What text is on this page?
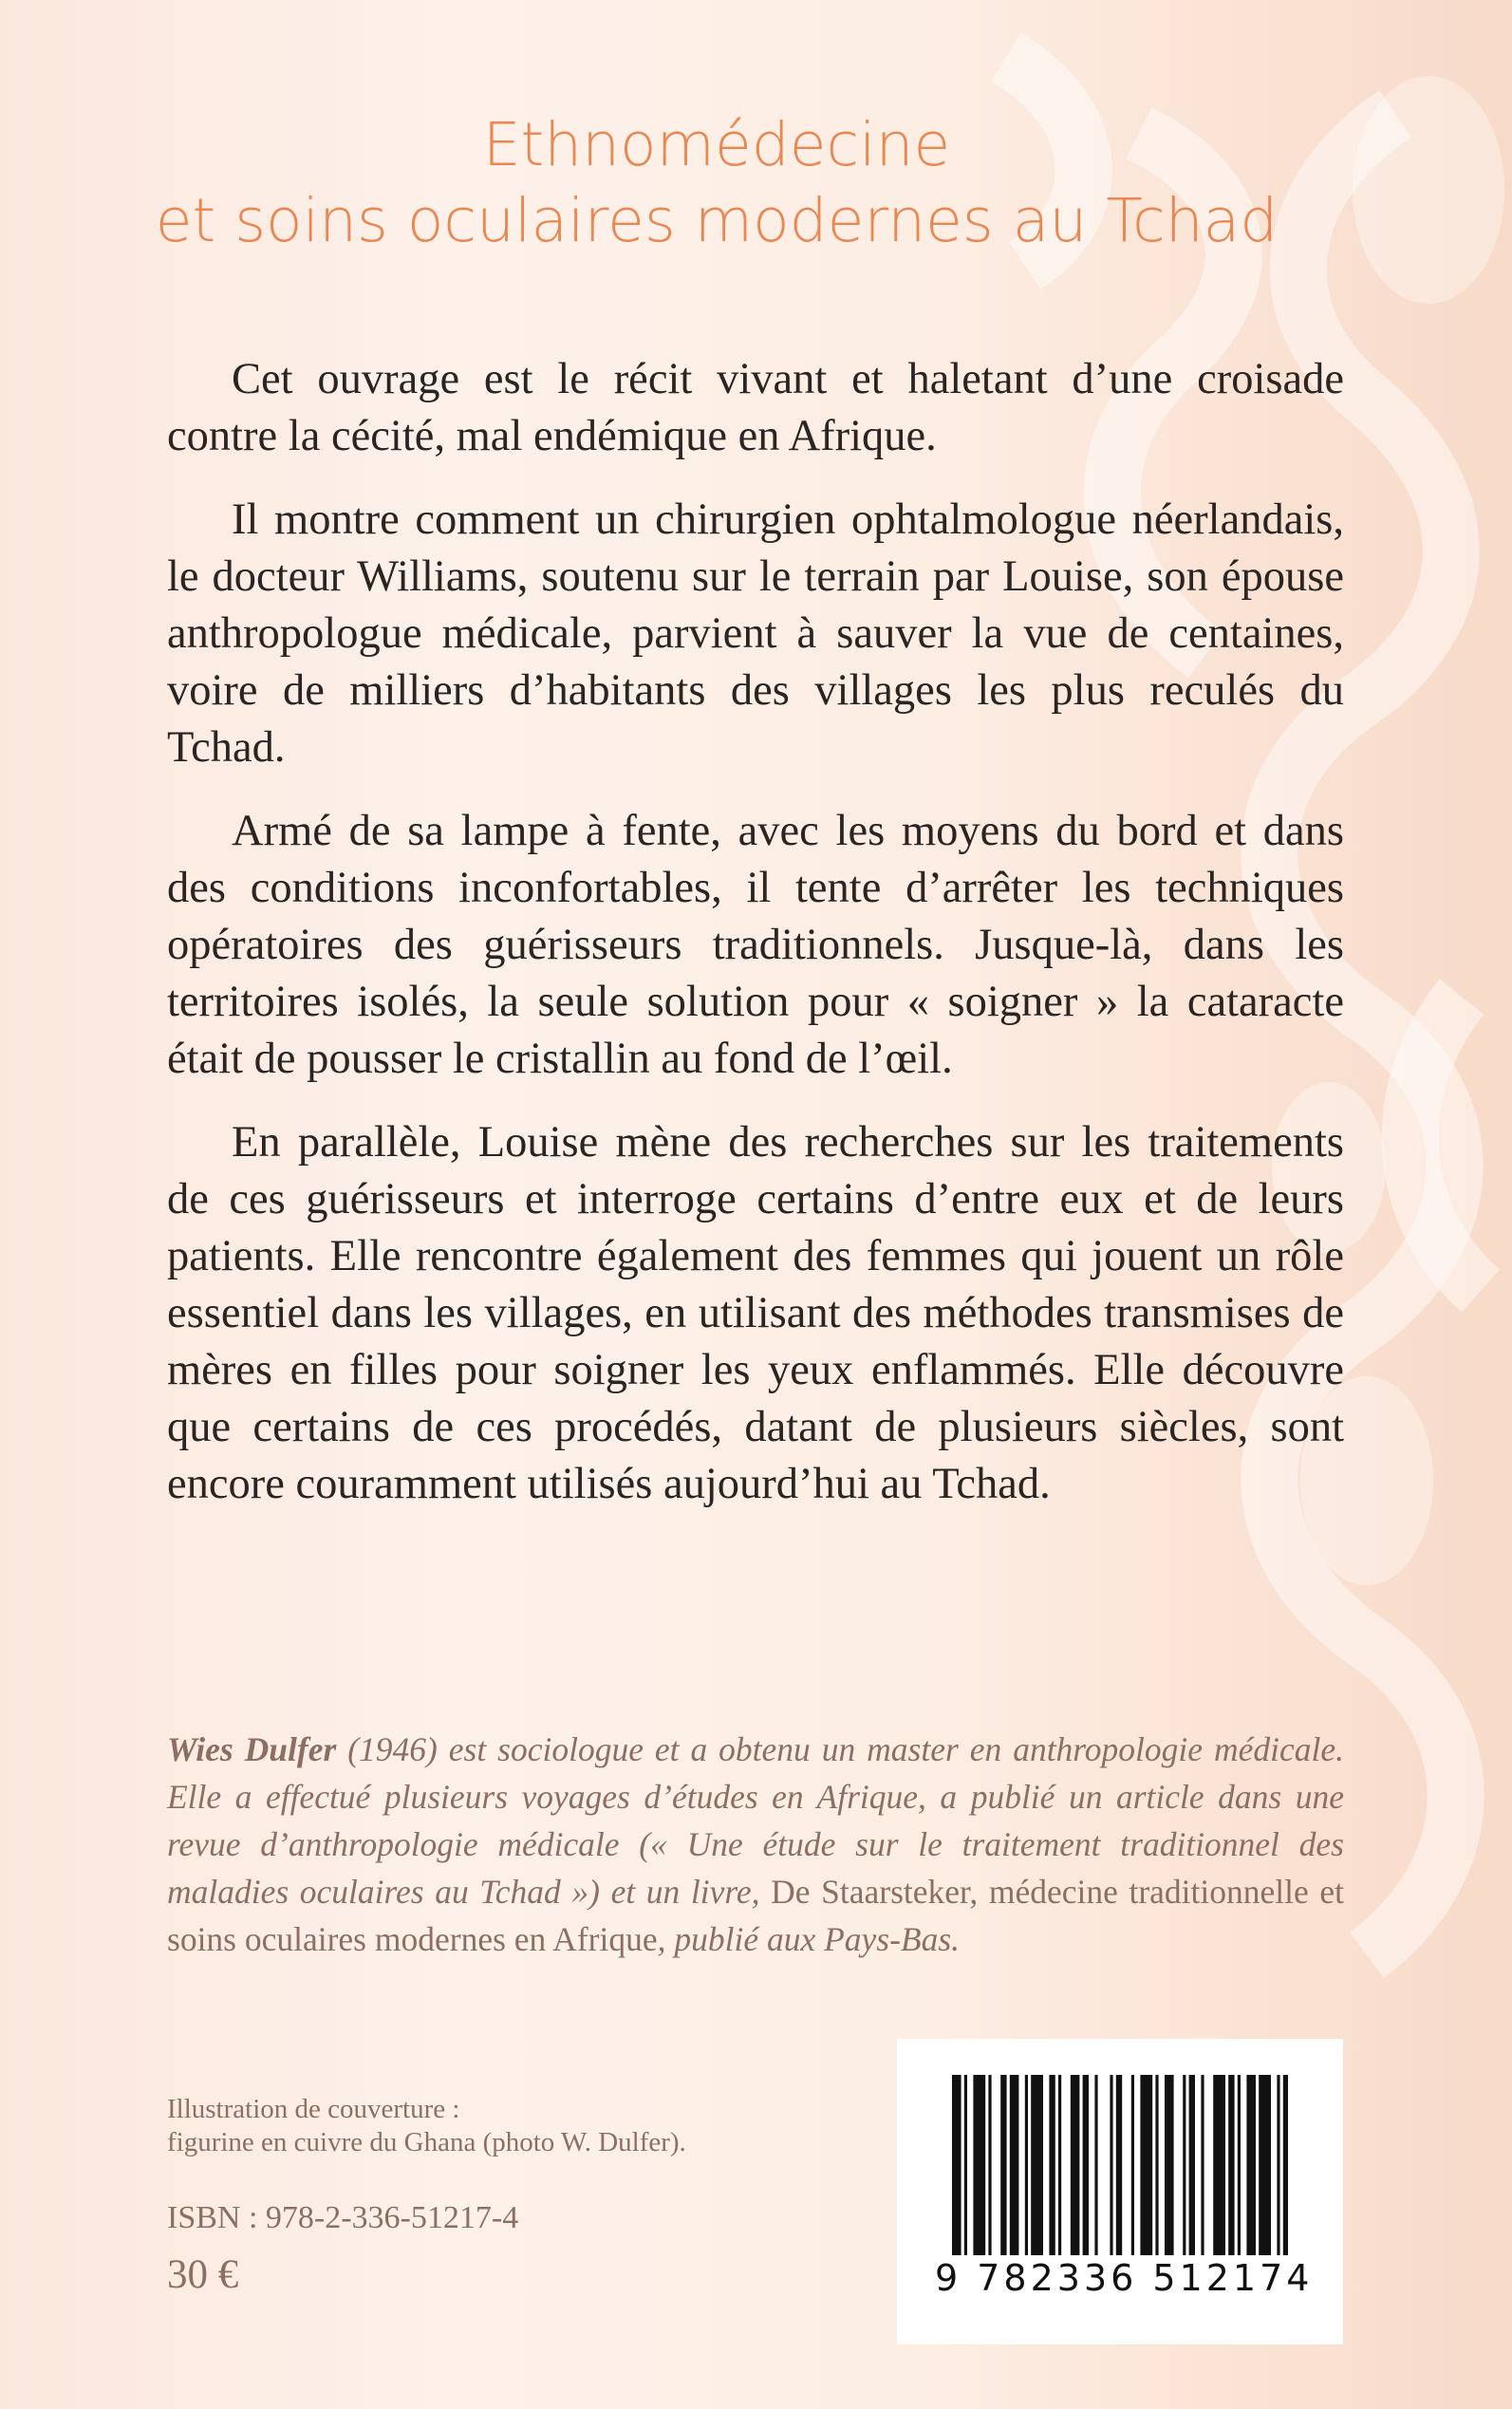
Ethnomédecine
et soins oculaires modernes au Tchad

Cet ouvrage est le récit vivant et haletant d’une croisade contre la cécité, mal endémique en Afrique.

Il montre comment un chirurgien ophtalmologue néerlandais, le docteur Williams, soutenu sur le terrain par Louise, son épouse anthropologue médicale, parvient à sauver la vue de centaines, voire de milliers d’habitants des villages les plus reculés du Tchad.

Armé de sa lampe à fente, avec les moyens du bord et dans des conditions inconfortables, il tente d’arrêter les techniques opératoires des guérisseurs traditionnels. Jusque-là, dans les territoires isolés, la seule solution pour « soigner » la cataracte était de pousser le cristallin au fond de l’œil.

En parallèle, Louise mène des recherches sur les traitements de ces guérisseurs et interroge certains d’entre eux et de leurs patients. Elle rencontre également des femmes qui jouent un rôle essentiel dans les villages, en utilisant des méthodes transmises de mères en filles pour soigner les yeux enflammés. Elle découvre que certains de ces procédés, datant de plusieurs siècles, sont encore couramment utilisés aujourd’hui au Tchad.

Wies Dulfer (1946) est sociologue et a obtenu un master en anthropologie médicale. Elle a effectué plusieurs voyages d’études en Afrique, a publié un article dans une revue d’anthropologie médicale (« Une étude sur le traitement traditionnel des maladies oculaires au Tchad ») et un livre, De Staarsteker, médecine traditionnelle et soins oculaires modernes en Afrique, publié aux Pays-Bas.

Illustration de couverture :
figurine en cuivre du Ghana (photo W. Dulfer).
ISBN : 978-2-336-51217-4
30 €	9 782336 512174
